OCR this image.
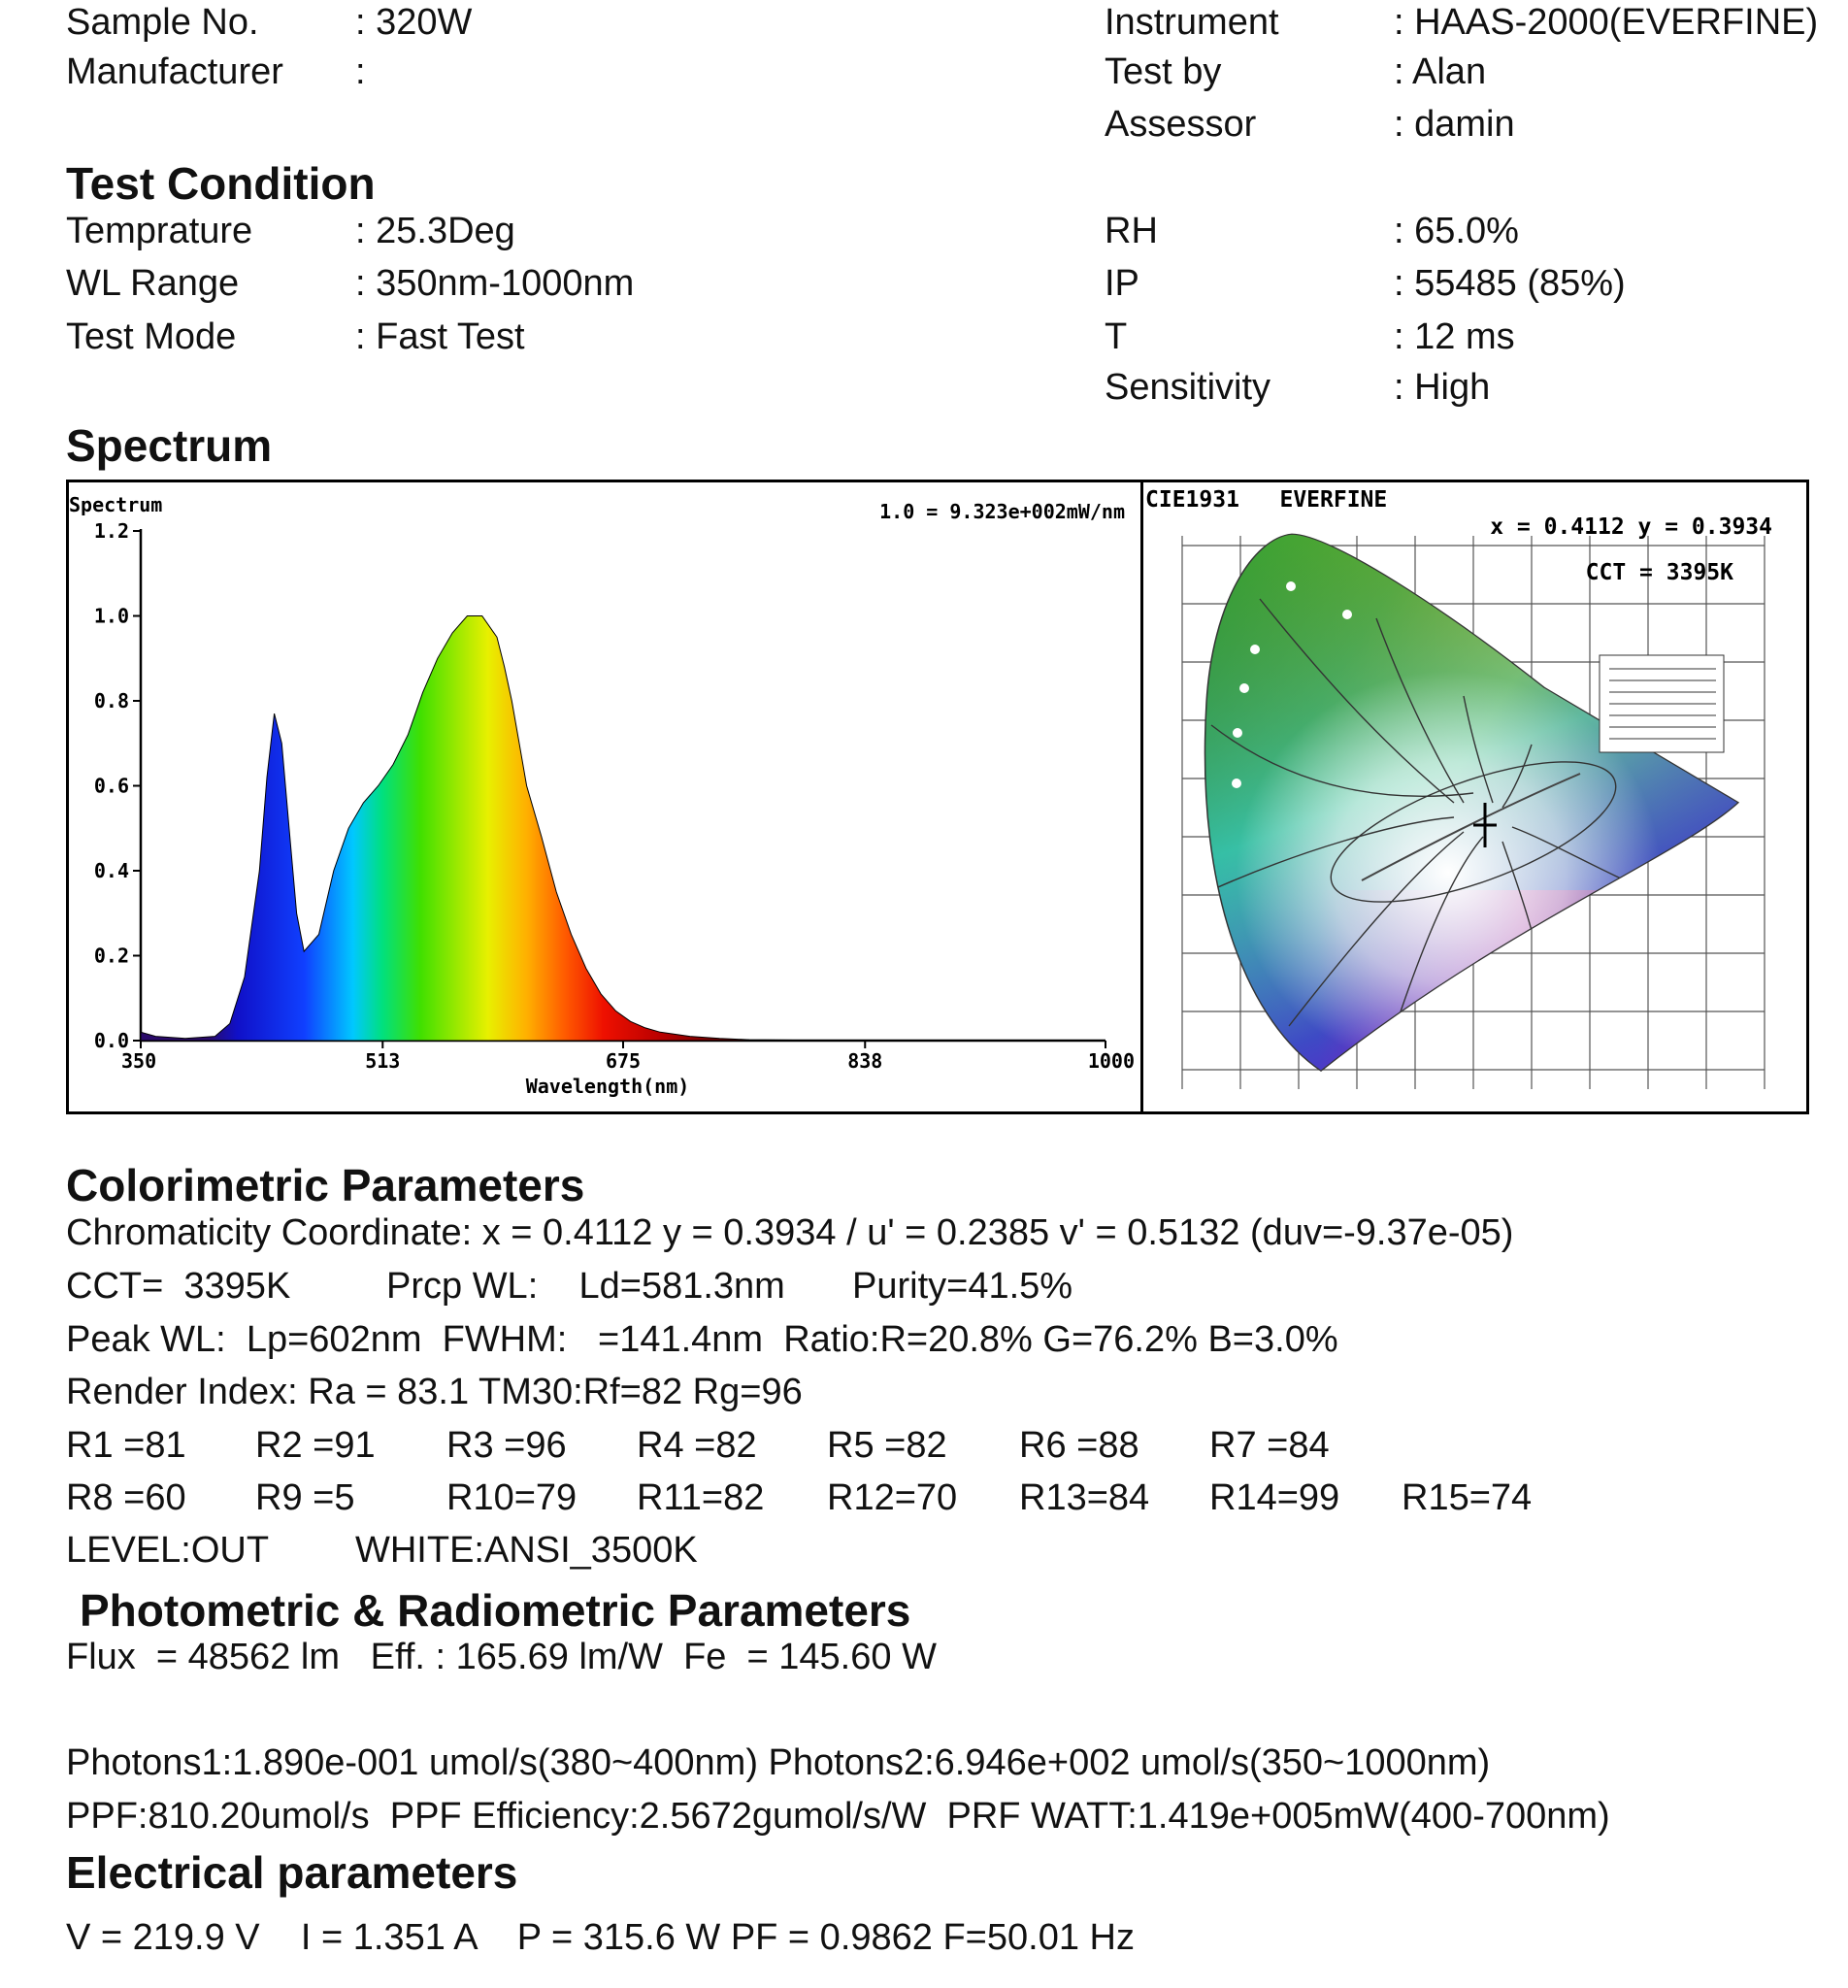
Sample No.	: 320W
Manufacturer :
Instrument	: HAAS-2000(EVERFINE)
Test by	: Alan
Assessor	: damin
Test Condition
Temprature	: 25.3Deg
WL Range	: 350nm-1000nm
Test Mode	: Fast Test
RH	: 65.0%
IP	: 55485 (85%)
T	: 12 ms
Sensitivity	: High
Spectrum
0.0
0.2
0.4
0.6
0.8
1.0
1.2
350	513	675	838	1000
Spectrum	1.0 = 9.323e+002mW/nm
Wavelength(nm)
CIE1931   EVERFINE
x = 0.4112 y = 0.3934
CCT = 3395K
Colorimetric Parameters
Chromaticity Coordinate: x = 0.4112 y = 0.3934 / u' = 0.2385 v' = 0.5132 (duv=-9.37e-05)
CCT=  3395K	Prcp WL:    Ld=581.3nm Purity=41.5%
Peak WL:  Lp=602nm  FWHM:   =141.4nm  Ratio:R=20.8% G=76.2% B=3.0%
Render Index: Ra = 83.1 TM30:Rf=82 Rg=96
R1 =81 R2 =91 R3 =96 R4 =82 R5 =82 R6 =88 R7 =84
R8 =60 R9 =5 R10=79 R11=82 R12=70 R13=84 R14=99 R15=74
LEVEL:OUT WHITE:ANSI_3500K
Photometric & Radiometric Parameters
Flux  = 48562 lm   Eff. : 165.69 lm/W  Fe  = 145.60 W
Photons1:1.890e-001 umol/s(380~400nm) Photons2:6.946e+002 umol/s(350~1000nm)
PPF:810.20umol/s  PPF Efficiency:2.5672gumol/s/W  PRF WATT:1.419e+005mW(400-700nm)
Electrical parameters
V = 219.9 V    I = 1.351 A    P = 315.6 W PF = 0.9862 F=50.01 Hz
